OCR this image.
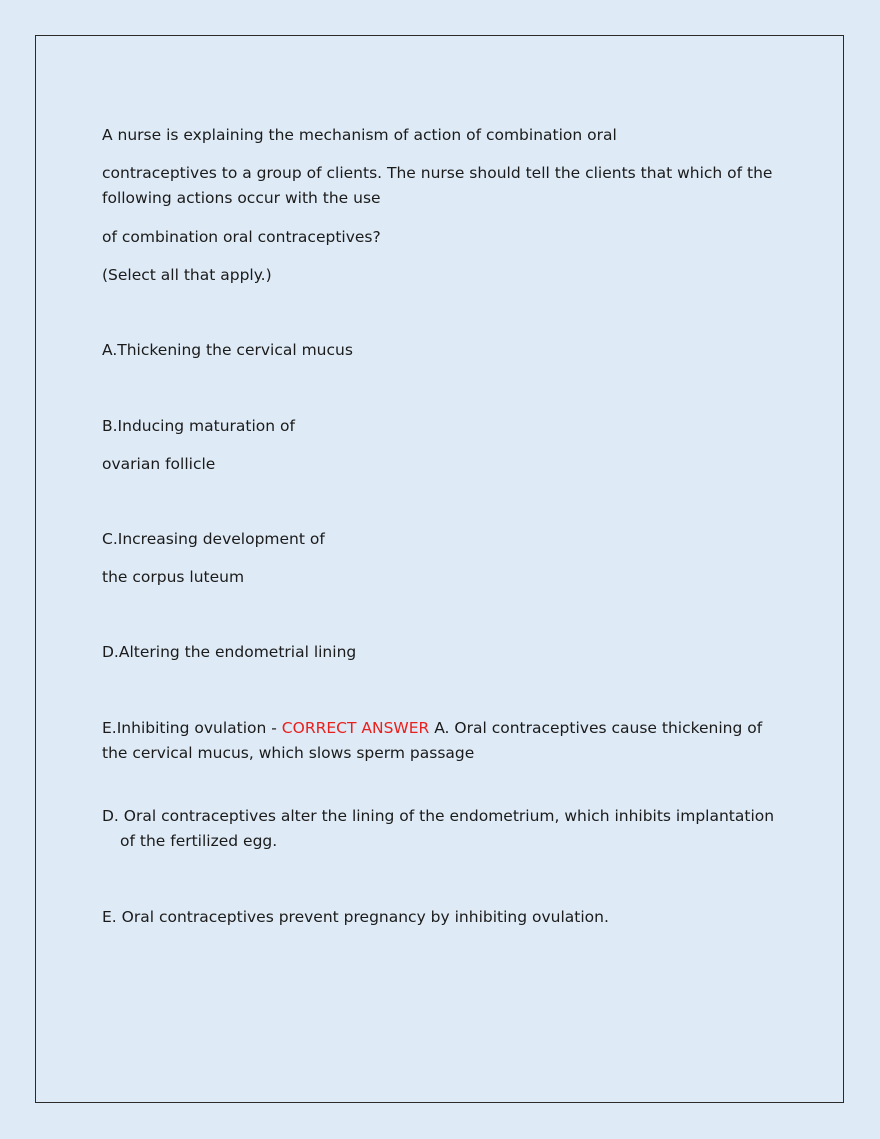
A nurse is explaining the mechanism of action of combination oral
contraceptives to a group of clients. The nurse should tell the clients that which of the following actions occur with the use
of combination oral contraceptives?
(Select all that apply.)
A.Thickening the cervical mucus
B.Inducing maturation of
ovarian follicle
C.Increasing development of
the corpus luteum
D.Altering the endometrial lining
E.Inhibiting ovulation - CORRECT ANSWER A. Oral contraceptives cause thickening of the cervical mucus, which slows sperm passage
D. Oral contraceptives alter the lining of the endometrium, which inhibits implantation of the fertilized egg.
E. Oral contraceptives prevent pregnancy by inhibiting ovulation.
